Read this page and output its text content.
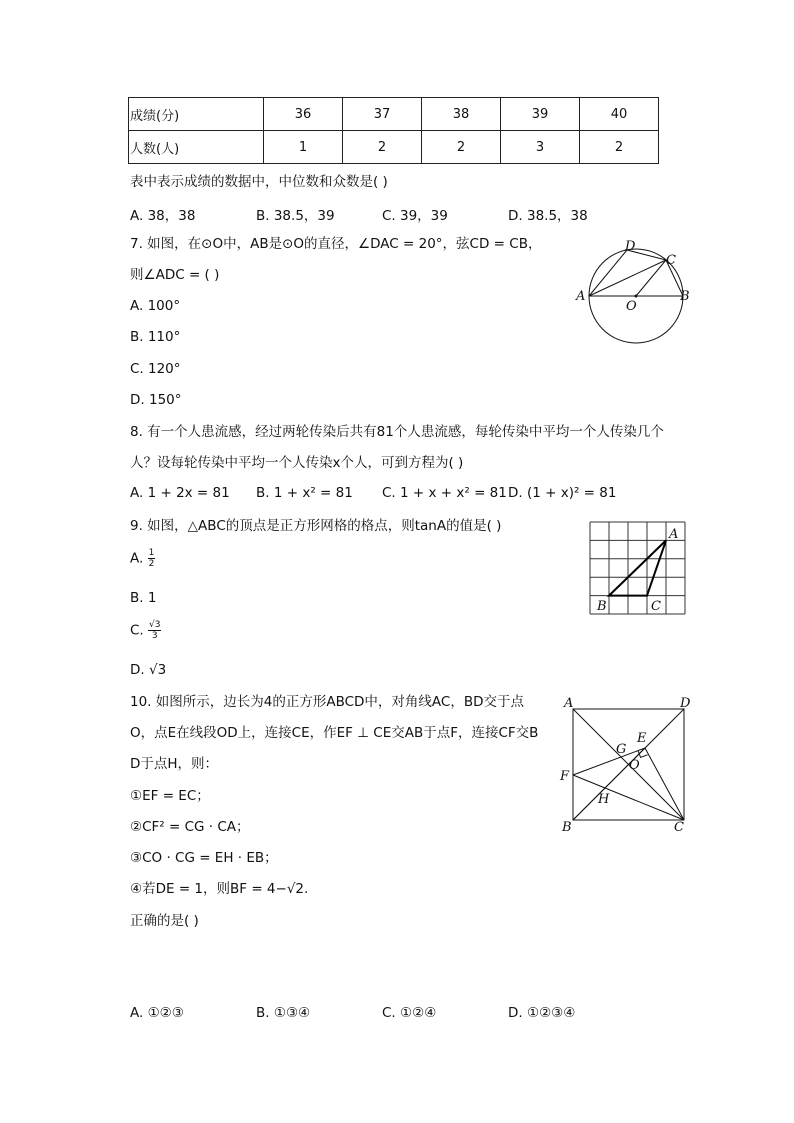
成绩(分)	36	37	38	39	40
人数(人)	1	2	2	3	2
表中表示成绩的数据中，中位数和众数是( )
A. 38，38	B. 38.5，39	C. 39，39	D. 38.5，38
7. 如图，在⊙O中，AB是⊙O的直径，∠DAC = 20°，弦CD = CB，
则∠ADC = ( )
A. 100°
B. 110°
C. 120°
D. 150°
D
C
A	B
O
8. 有一个人患流感，经过两轮传染后共有81个人患流感，每轮传染中平均一个人传染几个
人？设每轮传染中平均一个人传染x个人，可到方程为( )
A. 1 + 2x = 81 B. 1 + x² = 81 C. 1 + x + x² = 81 D. (1 + x)² = 81
9. 如图，△ABC的顶点是正方形网格的格点，则tanA的值是( )
A. $\frac{1}{2}$
B. 1
C. $\frac{√3}{3}$
D. √3
A
B	C
10. 如图所示，边长为4的正方形ABCD中，对角线AC，BD交于点
O，点E在线段OD上，连接CE，作EF ⊥ CE交AB于点F，连接CF交B
D于点H，则：
①EF = EC；
②CF² = CG · CA；
③CO · CG = EH · EB；
④若DE = 1，则BF = 4−√2.
正确的是( )
A. ①②③	B. ①③④	C. ①②④	D. ①②③④
A	D
B	C
E
F
G
H
O
